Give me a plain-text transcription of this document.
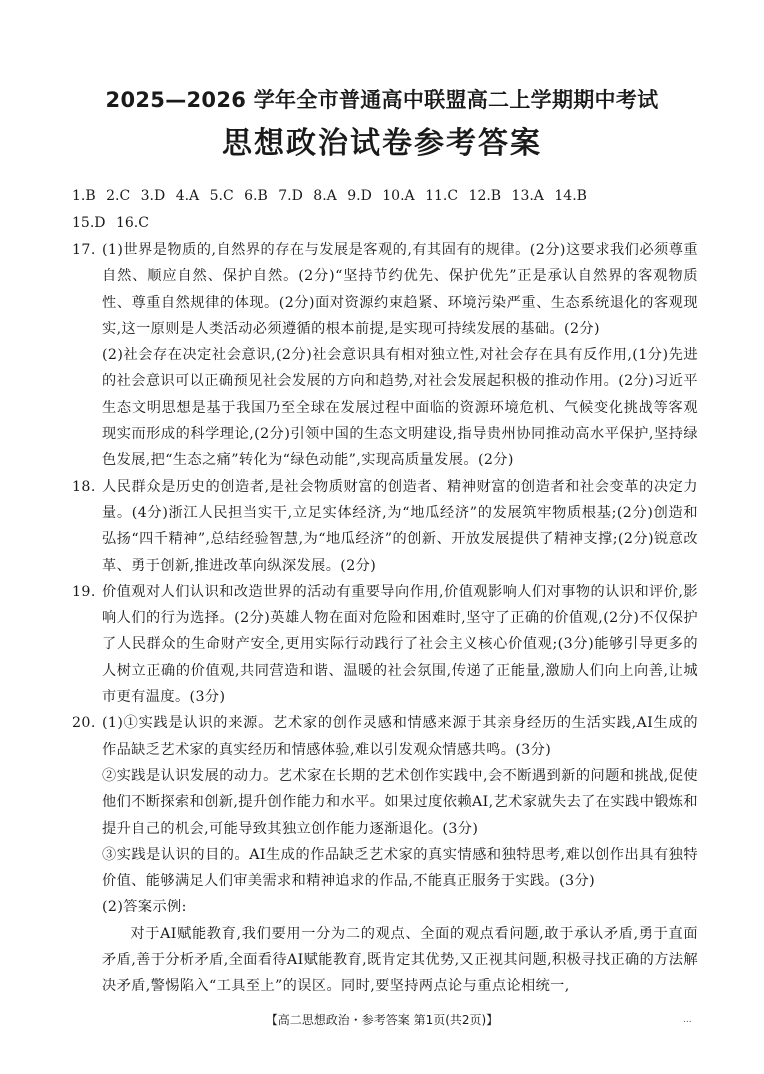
2025—2026 学年全市普通高中联盟高二上学期期中考试
思想政治试卷参考答案
1.B 2.C 3.D 4.A 5.C 6.B 7.D 8.A 9.D 10.A 11.C 12.B 13.A 14.B
15.D 16.C
17. (1)世界是物质的,自然界的存在与发展是客观的,有其固有的规律。(2分)这要求我们必须尊重自然、顺应自然、保护自然。(2分)“坚持节约优先、保护优先”正是承认自然界的客观物质性、尊重自然规律的体现。(2分)面对资源约束趋紧、环境污染严重、生态系统退化的客观现实,这一原则是人类活动必须遵循的根本前提,是实现可持续发展的基础。(2分)
(2)社会存在决定社会意识,(2分)社会意识具有相对独立性,对社会存在具有反作用,(1分)先进的社会意识可以正确预见社会发展的方向和趋势,对社会发展起积极的推动作用。(2分)习近平生态文明思想是基于我国乃至全球在发展过程中面临的资源环境危机、气候变化挑战等客观现实而形成的科学理论,(2分)引领中国的生态文明建设,指导贵州协同推动高水平保护,坚持绿色发展,把“生态之痛”转化为“绿色动能”,实现高质量发展。(2分)
18. 人民群众是历史的创造者,是社会物质财富的创造者、精神财富的创造者和社会变革的决定力量。(4分)浙江人民担当实干,立足实体经济,为“地瓜经济”的发展筑牢物质根基;(2分)创造和弘扬“四千精神”,总结经验智慧,为“地瓜经济”的创新、开放发展提供了精神支撑;(2分)锐意改革、勇于创新,推进改革向纵深发展。(2分)
19. 价值观对人们认识和改造世界的活动有重要导向作用,价值观影响人们对事物的认识和评价,影响人们的行为选择。(2分)英雄人物在面对危险和困难时,坚守了正确的价值观,(2分)不仅保护了人民群众的生命财产安全,更用实际行动践行了社会主义核心价值观;(3分)能够引导更多的人树立正确的价值观,共同营造和谐、温暖的社会氛围,传递了正能量,激励人们向上向善,让城市更有温度。(3分)
20. (1)①实践是认识的来源。艺术家的创作灵感和情感来源于其亲身经历的生活实践,AI生成的作品缺乏艺术家的真实经历和情感体验,难以引发观众情感共鸣。(3分)
②实践是认识发展的动力。艺术家在长期的艺术创作实践中,会不断遇到新的问题和挑战,促使他们不断探索和创新,提升创作能力和水平。如果过度依赖AI,艺术家就失去了在实践中锻炼和提升自己的机会,可能导致其独立创作能力逐渐退化。(3分)
③实践是认识的目的。AI生成的作品缺乏艺术家的真实情感和独特思考,难以创作出具有独特价值、能够满足人们审美需求和精神追求的作品,不能真正服务于实践。(3分)
(2)答案示例:
对于AI赋能教育,我们要用一分为二的观点、全面的观点看问题,敢于承认矛盾,勇于直面矛盾,善于分析矛盾,全面看待AI赋能教育,既肯定其优势,又正视其问题,积极寻找正确的方法解决矛盾,警惕陷入“工具至上”的误区。同时,要坚持两点论与重点论相统一,
【高二思想政治・参考答案 第1页(共2页)】	...
